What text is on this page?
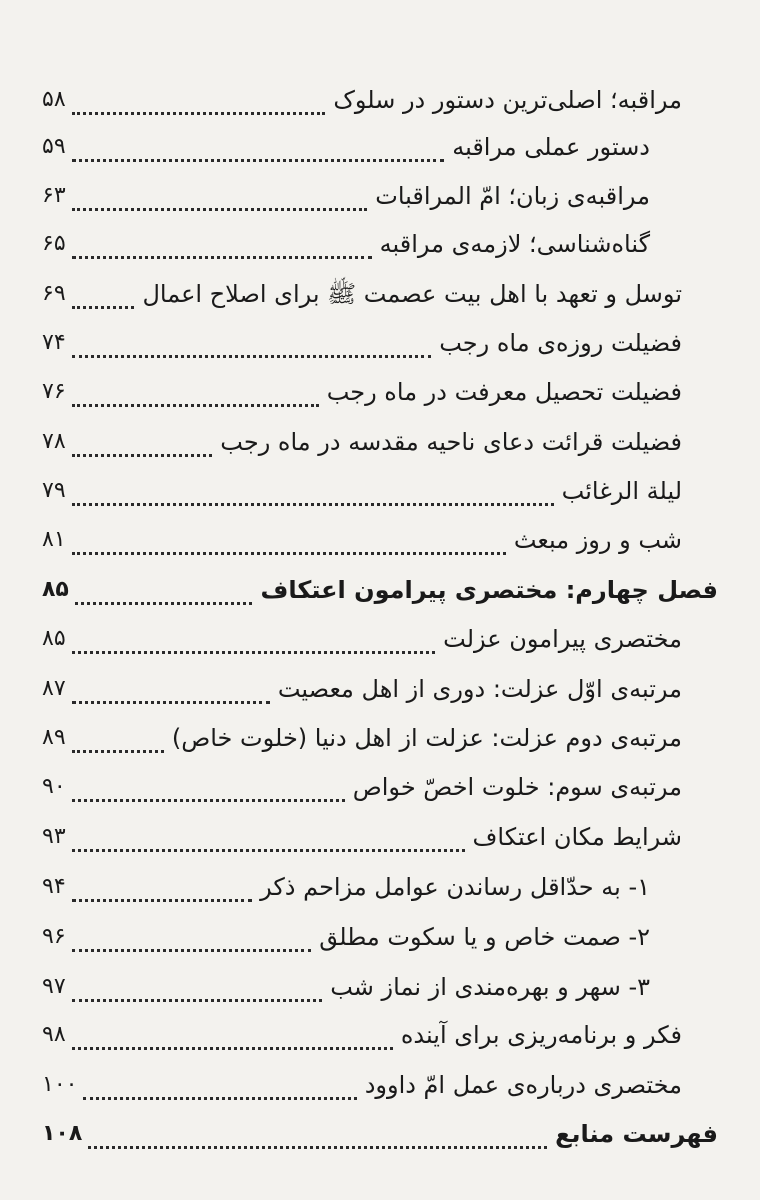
مراقبه؛ اصلی‌ترین دستور در سلوک
۵۸
دستور عملی مراقبه
۵۹
مراقبه‌ی زبان؛ امّ المراقبات
۶۳
گناه‌شناسی؛ لازمه‌ی مراقبه
۶۵
توسل و تعهد با اهل بیت عصمت ﷺ برای اصلاح اعمال
۶۹
فضیلت روزه‌ی ماه رجب
۷۴
فضیلت تحصیل معرفت در ماه رجب
۷۶
فضیلت قرائت دعای ناحیه مقدسه در ماه رجب
۷۸
لیلة الرغائب
۷۹
شب و روز مبعث
۸۱
فصل چهارم: مختصری پیرامون اعتکاف
۸۵
مختصری پیرامون عزلت
۸۵
مرتبه‌ی اوّل عزلت: دوری از اهل معصیت
۸۷
مرتبه‌ی دوم عزلت: عزلت از اهل دنیا (خلوت خاص)
۸۹
مرتبه‌ی سوم: خلوت اخصّ خواص
۹۰
شرایط مکان اعتکاف
۹۳
۱- به حدّاقل رساندن عوامل مزاحم ذکر
۹۴
۲- صمت خاص و یا سکوت مطلق
۹۶
۳- سهر و بهره‌مندی از نماز شب
۹۷
فکر و برنامه‌ریزی برای آینده
۹۸
مختصری درباره‌ی عمل امّ داوود
۱۰۰
فهرست منابع
۱۰۸
